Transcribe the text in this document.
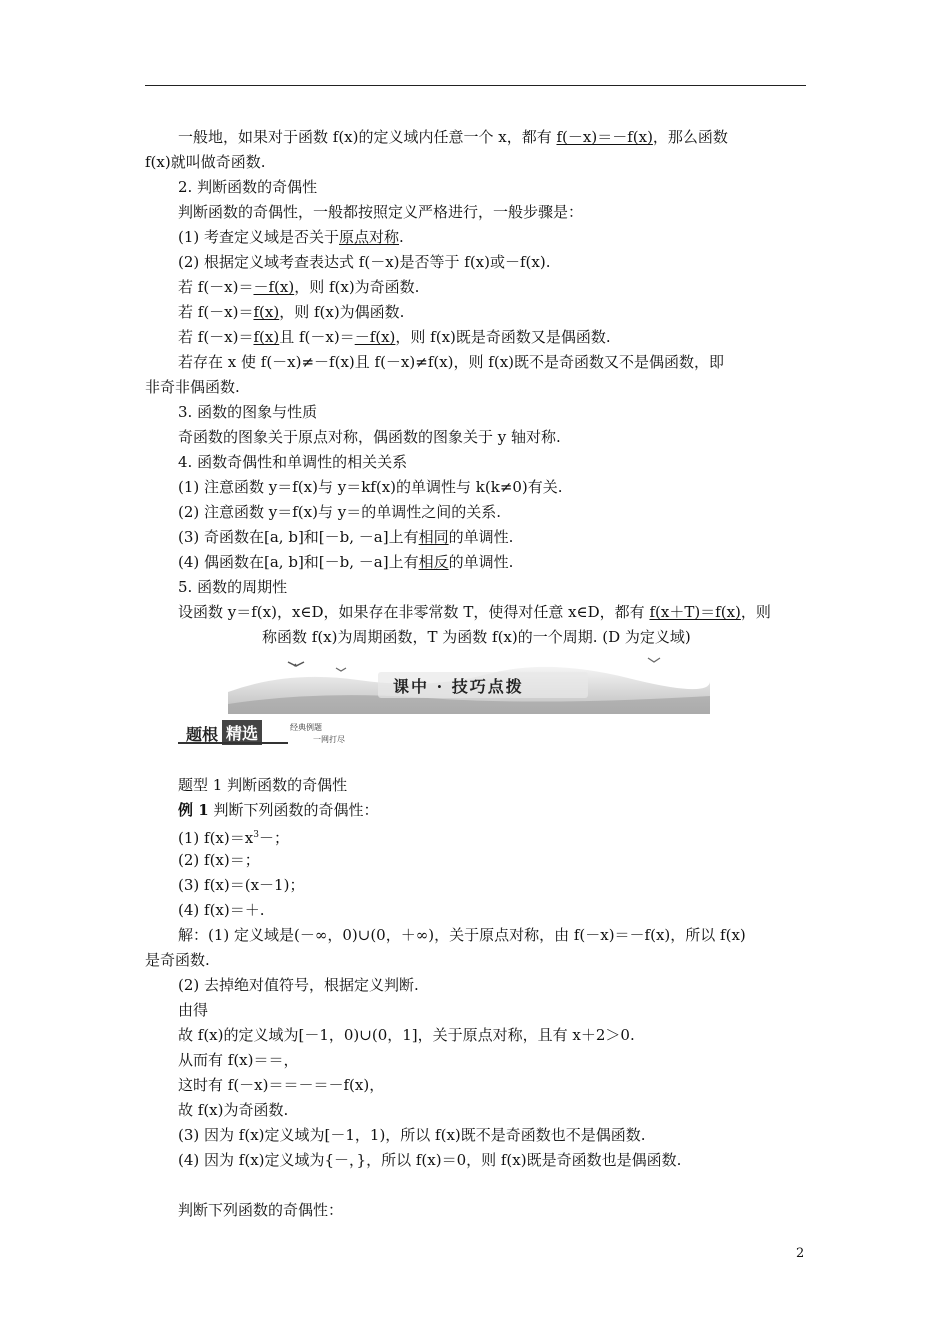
一般地，如果对于函数 f(x)的定义域内任意一个 x，都有 f(－x)＝－f(x)，那么函数
f(x)就叫做奇函数.
2. 判断函数的奇偶性
判断函数的奇偶性，一般都按照定义严格进行，一般步骤是：
(1) 考查定义域是否关于原点对称.
(2) 根据定义域考查表达式 f(－x)是否等于 f(x)或－f(x).
若 f(－x)＝－f(x)，则 f(x)为奇函数.
若 f(－x)＝f(x)，则 f(x)为偶函数.
若 f(－x)＝f(x)且 f(－x)＝－f(x)，则 f(x)既是奇函数又是偶函数.
若存在 x 使 f(－x)≠－f(x)且 f(－x)≠f(x)，则 f(x)既不是奇函数又不是偶函数，即
非奇非偶函数.
3. 函数的图象与性质
奇函数的图象关于原点对称，偶函数的图象关于 y 轴对称.
4. 函数奇偶性和单调性的相关关系
(1) 注意函数 y＝f(x)与 y＝kf(x)的单调性与 k(k≠0)有关.
(2) 注意函数 y＝f(x)与 y＝的单调性之间的关系.
(3) 奇函数在[a, b]和[－b, －a]上有相同的单调性.
(4) 偶函数在[a, b]和[－b, －a]上有相反的单调性.
5. 函数的周期性
设函数 y＝f(x)，x∈D，如果存在非零常数 T，使得对任意 x∈D，都有 f(x＋T)＝f(x)，则
称函数 f(x)为周期函数，T 为函数 f(x)的一个周期. (D 为定义域)
课中 · 技巧点拨
题根 精选	经典例题
一网打尽
题型 1 判断函数的奇偶性
例 1 判断下列函数的奇偶性：
(1) $f(x)=x^3-$；
(2) f(x)＝；
(3) f(x)＝(x－1)；
(4) f(x)＝＋.
解：(1) 定义域是(－∞，0)∪(0，＋∞)，关于原点对称，由 f(－x)＝－f(x)，所以 f(x)
是奇函数.
(2) 去掉绝对值符号，根据定义判断.
由得
故 f(x)的定义域为[－1，0)∪(0，1]，关于原点对称，且有 x＋2＞0.
从而有 f(x)＝＝，
这时有 f(－x)＝＝－＝－f(x)，
故 f(x)为奇函数.
(3) 因为 f(x)定义域为[－1，1)，所以 f(x)既不是奇函数也不是偶函数.
(4) 因为 f(x)定义域为{－，}，所以 f(x)＝0，则 f(x)既是奇函数也是偶函数.
判断下列函数的奇偶性：
2
